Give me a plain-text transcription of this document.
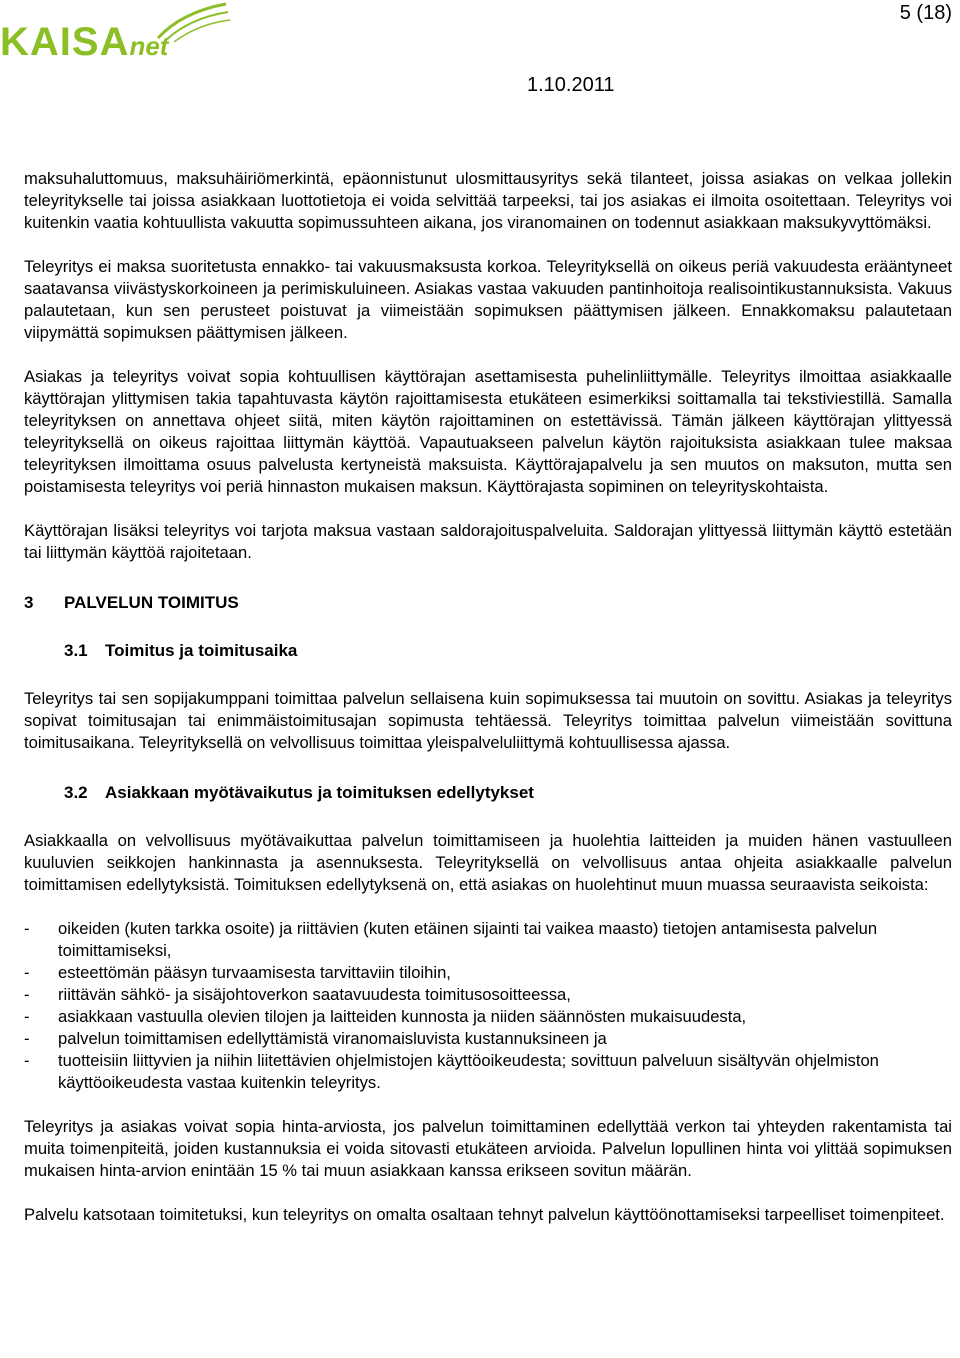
KAISAnet
5 (18)
1.10.2011

maksuhaluttomuus, maksuhäiriömerkintä, epäonnistunut ulosmittausyritys sekä tilanteet, joissa asiakas on velkaa jollekin teleyritykselle tai joissa asiakkaan luottotietoja ei voida selvittää tarpeeksi, tai jos asiakas ei ilmoita osoitettaan. Teleyritys voi kuitenkin vaatia kohtuullista vakuutta sopimussuhteen aikana, jos viranomainen on todennut asiakkaan maksukyvyttömäksi.

Teleyritys ei maksa suoritetusta ennakko- tai vakuusmaksusta korkoa. Teleyrityksellä on oikeus periä vakuudesta erääntyneet saatavansa viivästyskorkoineen ja perimiskuluineen. Asiakas vastaa vakuuden pantinhoitoja realisointikustannuksista. Vakuus palautetaan, kun sen perusteet poistuvat ja viimeistään sopimuksen päättymisen jälkeen. Ennakkomaksu palautetaan viipymättä sopimuksen päättymisen jälkeen.

Asiakas ja teleyritys voivat sopia kohtuullisen käyttörajan asettamisesta puhelinliittymälle. Teleyritys ilmoittaa asiakkaalle käyttörajan ylittymisen takia tapahtuvasta käytön rajoittamisesta etukäteen esimerkiksi soittamalla tai tekstiviestillä. Samalla teleyrityksen on annettava ohjeet siitä, miten käytön rajoittaminen on estettävissä. Tämän jälkeen käyttörajan ylittyessä teleyrityksellä on oikeus rajoittaa liittymän käyttöä. Vapautuakseen palvelun käytön rajoituksista asiakkaan tulee maksaa teleyrityksen ilmoittama osuus palvelusta kertyneistä maksuista. Käyttörajapalvelu ja sen muutos on maksuton, mutta sen poistamisesta teleyritys voi periä hinnaston mukaisen maksun. Käyttörajasta sopiminen on teleyrityskohtaista.

Käyttörajan lisäksi teleyritys voi tarjota maksua vastaan saldorajoituspalveluita. Saldorajan ylittyessä liittymän käyttö estetään tai liittymän käyttöä rajoitetaan.

3 PALVELUN TOIMITUS
3.1 Toimitus ja toimitusaika

Teleyritys tai sen sopijakumppani toimittaa palvelun sellaisena kuin sopimuksessa tai muutoin on sovittu. Asiakas ja teleyritys sopivat toimitusajan tai enimmäistoimitusajan sopimusta tehtäessä. Teleyritys toimittaa palvelun viimeistään sovittuna toimitusaikana. Teleyrityksellä on velvollisuus toimittaa yleispalveluliittymä kohtuullisessa ajassa.

3.2 Asiakkaan myötävaikutus ja toimituksen edellytykset

Asiakkaalla on velvollisuus myötävaikuttaa palvelun toimittamiseen ja huolehtia laitteiden ja muiden hänen vastuulleen kuuluvien seikkojen hankinnasta ja asennuksesta. Teleyrityksellä on velvollisuus antaa ohjeita asiakkaalle palvelun toimittamisen edellytyksistä. Toimituksen edellytyksenä on, että asiakas on huolehtinut muun muassa seuraavista seikoista:

- oikeiden (kuten tarkka osoite) ja riittävien (kuten etäinen sijainti tai vaikea maasto) tietojen antamisesta palvelun toimittamiseksi,
- esteettömän pääsyn turvaamisesta tarvittaviin tiloihin,
- riittävän sähkö- ja sisäjohtoverkon saatavuudesta toimitusosoitteessa,
- asiakkaan vastuulla olevien tilojen ja laitteiden kunnosta ja niiden säännösten mukaisuudesta,
- palvelun toimittamisen edellyttämistä viranomaisluvista kustannuksineen ja
- tuotteisiin liittyvien ja niihin liitettävien ohjelmistojen käyttöoikeudesta; sovittuun palveluun sisältyvän ohjelmiston käyttöoikeudesta vastaa kuitenkin teleyritys.

Teleyritys ja asiakas voivat sopia hinta-arviosta, jos palvelun toimittaminen edellyttää verkon tai yhteyden rakentamista tai muita toimenpiteitä, joiden kustannuksia ei voida sitovasti etukäteen arvioida. Palvelun lopullinen hinta voi ylittää sopimuksen mukaisen hinta-arvion enintään 15 % tai muun asiakkaan kanssa erikseen sovitun määrän.

Palvelu katsotaan toimitetuksi, kun teleyritys on omalta osaltaan tehnyt palvelun käyttöönottamiseksi tarpeelliset toimenpiteet.
